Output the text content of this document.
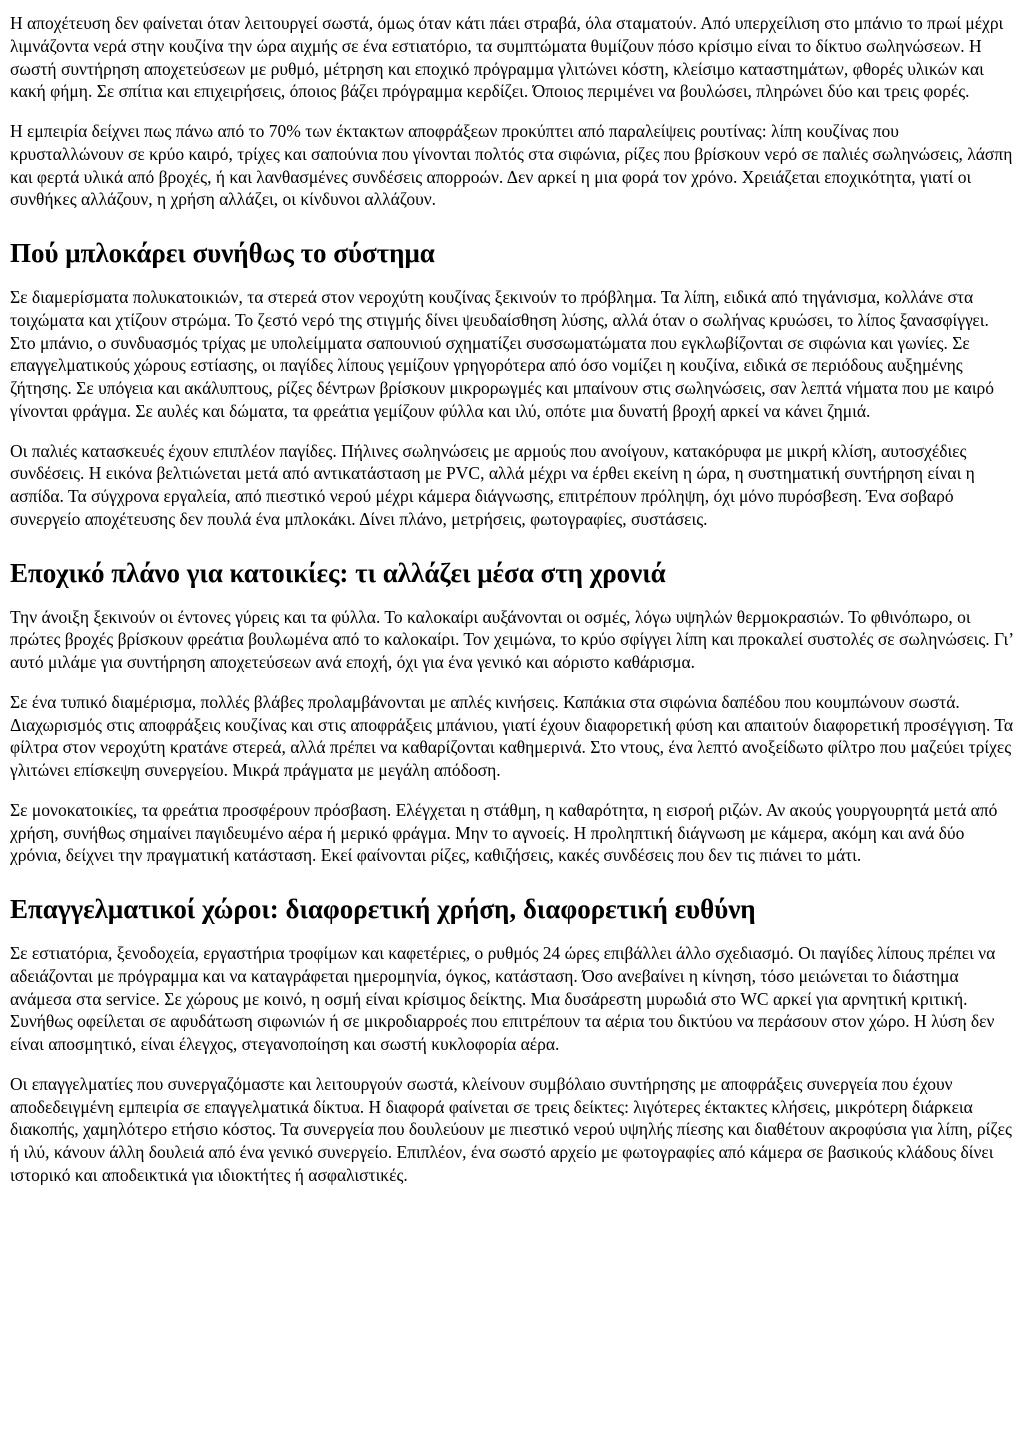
Η αποχέτευση δεν φαίνεται όταν λειτουργεί σωστά, όμως όταν κάτι πάει στραβά, όλα σταματούν. Από υπερχείλιση στο μπάνιο το πρωί μέχρι λιμνάζοντα νερά στην κουζίνα την ώρα αιχμής σε ένα εστιατόριο, τα συμπτώματα θυμίζουν πόσο κρίσιμο είναι το δίκτυο σωληνώσεων. Η σωστή συντήρηση αποχετεύσεων με ρυθμό, μέτρηση και εποχικό πρόγραμμα γλιτώνει κόστη, κλείσιμο καταστημάτων, φθορές υλικών και κακή φήμη. Σε σπίτια και επιχειρήσεις, όποιος βάζει πρόγραμμα κερδίζει. Όποιος περιμένει να βουλώσει, πληρώνει δύο και τρεις φορές.

Η εμπειρία δείχνει πως πάνω από το 70% των έκτακτων αποφράξεων προκύπτει από παραλείψεις ρουτίνας: λίπη κουζίνας που κρυσταλλώνουν σε κρύο καιρό, τρίχες και σαπούνια που γίνονται πολτός στα σιφώνια, ρίζες που βρίσκουν νερό σε παλιές σωληνώσεις, λάσπη και φερτά υλικά από βροχές, ή και λανθασμένες συνδέσεις απορροών. Δεν αρκεί η μια φορά τον χρόνο. Χρειάζεται εποχικότητα, γιατί οι συνθήκες αλλάζουν, η χρήση αλλάζει, οι κίνδυνοι αλλάζουν.

Πού μπλοκάρει συνήθως το σύστημα

Σε διαμερίσματα πολυκατοικιών, τα στερεά στον νεροχύτη κουζίνας ξεκινούν το πρόβλημα. Τα λίπη, ειδικά από τηγάνισμα, κολλάνε στα τοιχώματα και χτίζουν στρώμα. Το ζεστό νερό της στιγμής δίνει ψευδαίσθηση λύσης, αλλά όταν ο σωλήνας κρυώσει, το λίπος ξανασφίγγει. Στο μπάνιο, ο συνδυασμός τρίχας με υπολείμματα σαπουνιού σχηματίζει συσσωματώματα που εγκλωβίζονται σε σιφώνια και γωνίες. Σε επαγγελματικούς χώρους εστίασης, οι παγίδες λίπους γεμίζουν γρηγορότερα από όσο νομίζει η κουζίνα, ειδικά σε περιόδους αυξημένης ζήτησης. Σε υπόγεια και ακάλυπτους, ρίζες δέντρων βρίσκουν μικρορωγμές και μπαίνουν στις σωληνώσεις, σαν λεπτά νήματα που με καιρό γίνονται φράγμα. Σε αυλές και δώματα, τα φρεάτια γεμίζουν φύλλα και ιλύ, οπότε μια δυνατή βροχή αρκεί να κάνει ζημιά.

Οι παλιές κατασκευές έχουν επιπλέον παγίδες. Πήλινες σωληνώσεις με αρμούς που ανοίγουν, κατακόρυφα με μικρή κλίση, αυτοσχέδιες συνδέσεις. Η εικόνα βελτιώνεται μετά από αντικατάσταση με PVC, αλλά μέχρι να έρθει εκείνη η ώρα, η συστηματική συντήρηση είναι η ασπίδα. Τα σύγχρονα εργαλεία, από πιεστικό νερού μέχρι κάμερα διάγνωσης, επιτρέπουν πρόληψη, όχι μόνο πυρόσβεση. Ένα σοβαρό συνεργείο αποχέτευσης δεν πουλά ένα μπλοκάκι. Δίνει πλάνο, μετρήσεις, φωτογραφίες, συστάσεις.

Εποχικό πλάνο για κατοικίες: τι αλλάζει μέσα στη χρονιά

Την άνοιξη ξεκινούν οι έντονες γύρεις και τα φύλλα. Το καλοκαίρι αυξάνονται οι οσμές, λόγω υψηλών θερμοκρασιών. Το φθινόπωρο, οι πρώτες βροχές βρίσκουν φρεάτια βουλωμένα από το καλοκαίρι. Τον χειμώνα, το κρύο σφίγγει λίπη και προκαλεί συστολές σε σωληνώσεις. Γι’ αυτό μιλάμε για συντήρηση αποχετεύσεων ανά εποχή, όχι για ένα γενικό και αόριστο καθάρισμα.

Σε ένα τυπικό διαμέρισμα, πολλές βλάβες προλαμβάνονται με απλές κινήσεις. Καπάκια στα σιφώνια δαπέδου που κουμπώνουν σωστά. Διαχωρισμός στις αποφράξεις κουζίνας και στις αποφράξεις μπάνιου, γιατί έχουν διαφορετική φύση και απαιτούν διαφορετική προσέγγιση. Τα φίλτρα στον νεροχύτη κρατάνε στερεά, αλλά πρέπει να καθαρίζονται καθημερινά. Στο ντους, ένα λεπτό ανοξείδωτο φίλτρο που μαζεύει τρίχες γλιτώνει επίσκεψη συνεργείου. Μικρά πράγματα με μεγάλη απόδοση.

Σε μονοκατοικίες, τα φρεάτια προσφέρουν πρόσβαση. Ελέγχεται η στάθμη, η καθαρότητα, η εισροή ριζών. Αν ακούς γουργουρητά μετά από χρήση, συνήθως σημαίνει παγιδευμένο αέρα ή μερικό φράγμα. Μην το αγνοείς. Η προληπτική διάγνωση με κάμερα, ακόμη και ανά δύο χρόνια, δείχνει την πραγματική κατάσταση. Εκεί φαίνονται ρίζες, καθιζήσεις, κακές συνδέσεις που δεν τις πιάνει το μάτι.

Επαγγελματικοί χώροι: διαφορετική χρήση, διαφορετική ευθύνη

Σε εστιατόρια, ξενοδοχεία, εργαστήρια τροφίμων και καφετέριες, ο ρυθμός 24 ώρες επιβάλλει άλλο σχεδιασμό. Οι παγίδες λίπους πρέπει να αδειάζονται με πρόγραμμα και να καταγράφεται ημερομηνία, όγκος, κατάσταση. Όσο ανεβαίνει η κίνηση, τόσο μειώνεται το διάστημα ανάμεσα στα service. Σε χώρους με κοινό, η οσμή είναι κρίσιμος δείκτης. Μια δυσάρεστη μυρωδιά στο WC αρκεί για αρνητική κριτική. Συνήθως οφείλεται σε αφυδάτωση σιφωνιών ή σε μικροδιαρροές που επιτρέπουν τα αέρια του δικτύου να περάσουν στον χώρο. Η λύση δεν είναι αποσμητικό, είναι έλεγχος, στεγανοποίηση και σωστή κυκλοφορία αέρα.

Οι επαγγελματίες που συνεργαζόμαστε και λειτουργούν σωστά, κλείνουν συμβόλαιο συντήρησης με αποφράξεις συνεργεία που έχουν αποδεδειγμένη εμπειρία σε επαγγελματικά δίκτυα. Η διαφορά φαίνεται σε τρεις δείκτες: λιγότερες έκτακτες κλήσεις, μικρότερη διάρκεια διακοπής, χαμηλότερο ετήσιο κόστος. Τα συνεργεία που δουλεύουν με πιεστικό νερού υψηλής πίεσης και διαθέτουν ακροφύσια για λίπη, ρίζες ή ιλύ, κάνουν άλλη δουλειά από ένα γενικό συνεργείο. Επιπλέον, ένα σωστό αρχείο με φωτογραφίες από κάμερα σε βασικούς κλάδους δίνει ιστορικό και αποδεικτικά για ιδιοκτήτες ή ασφαλιστικές.
